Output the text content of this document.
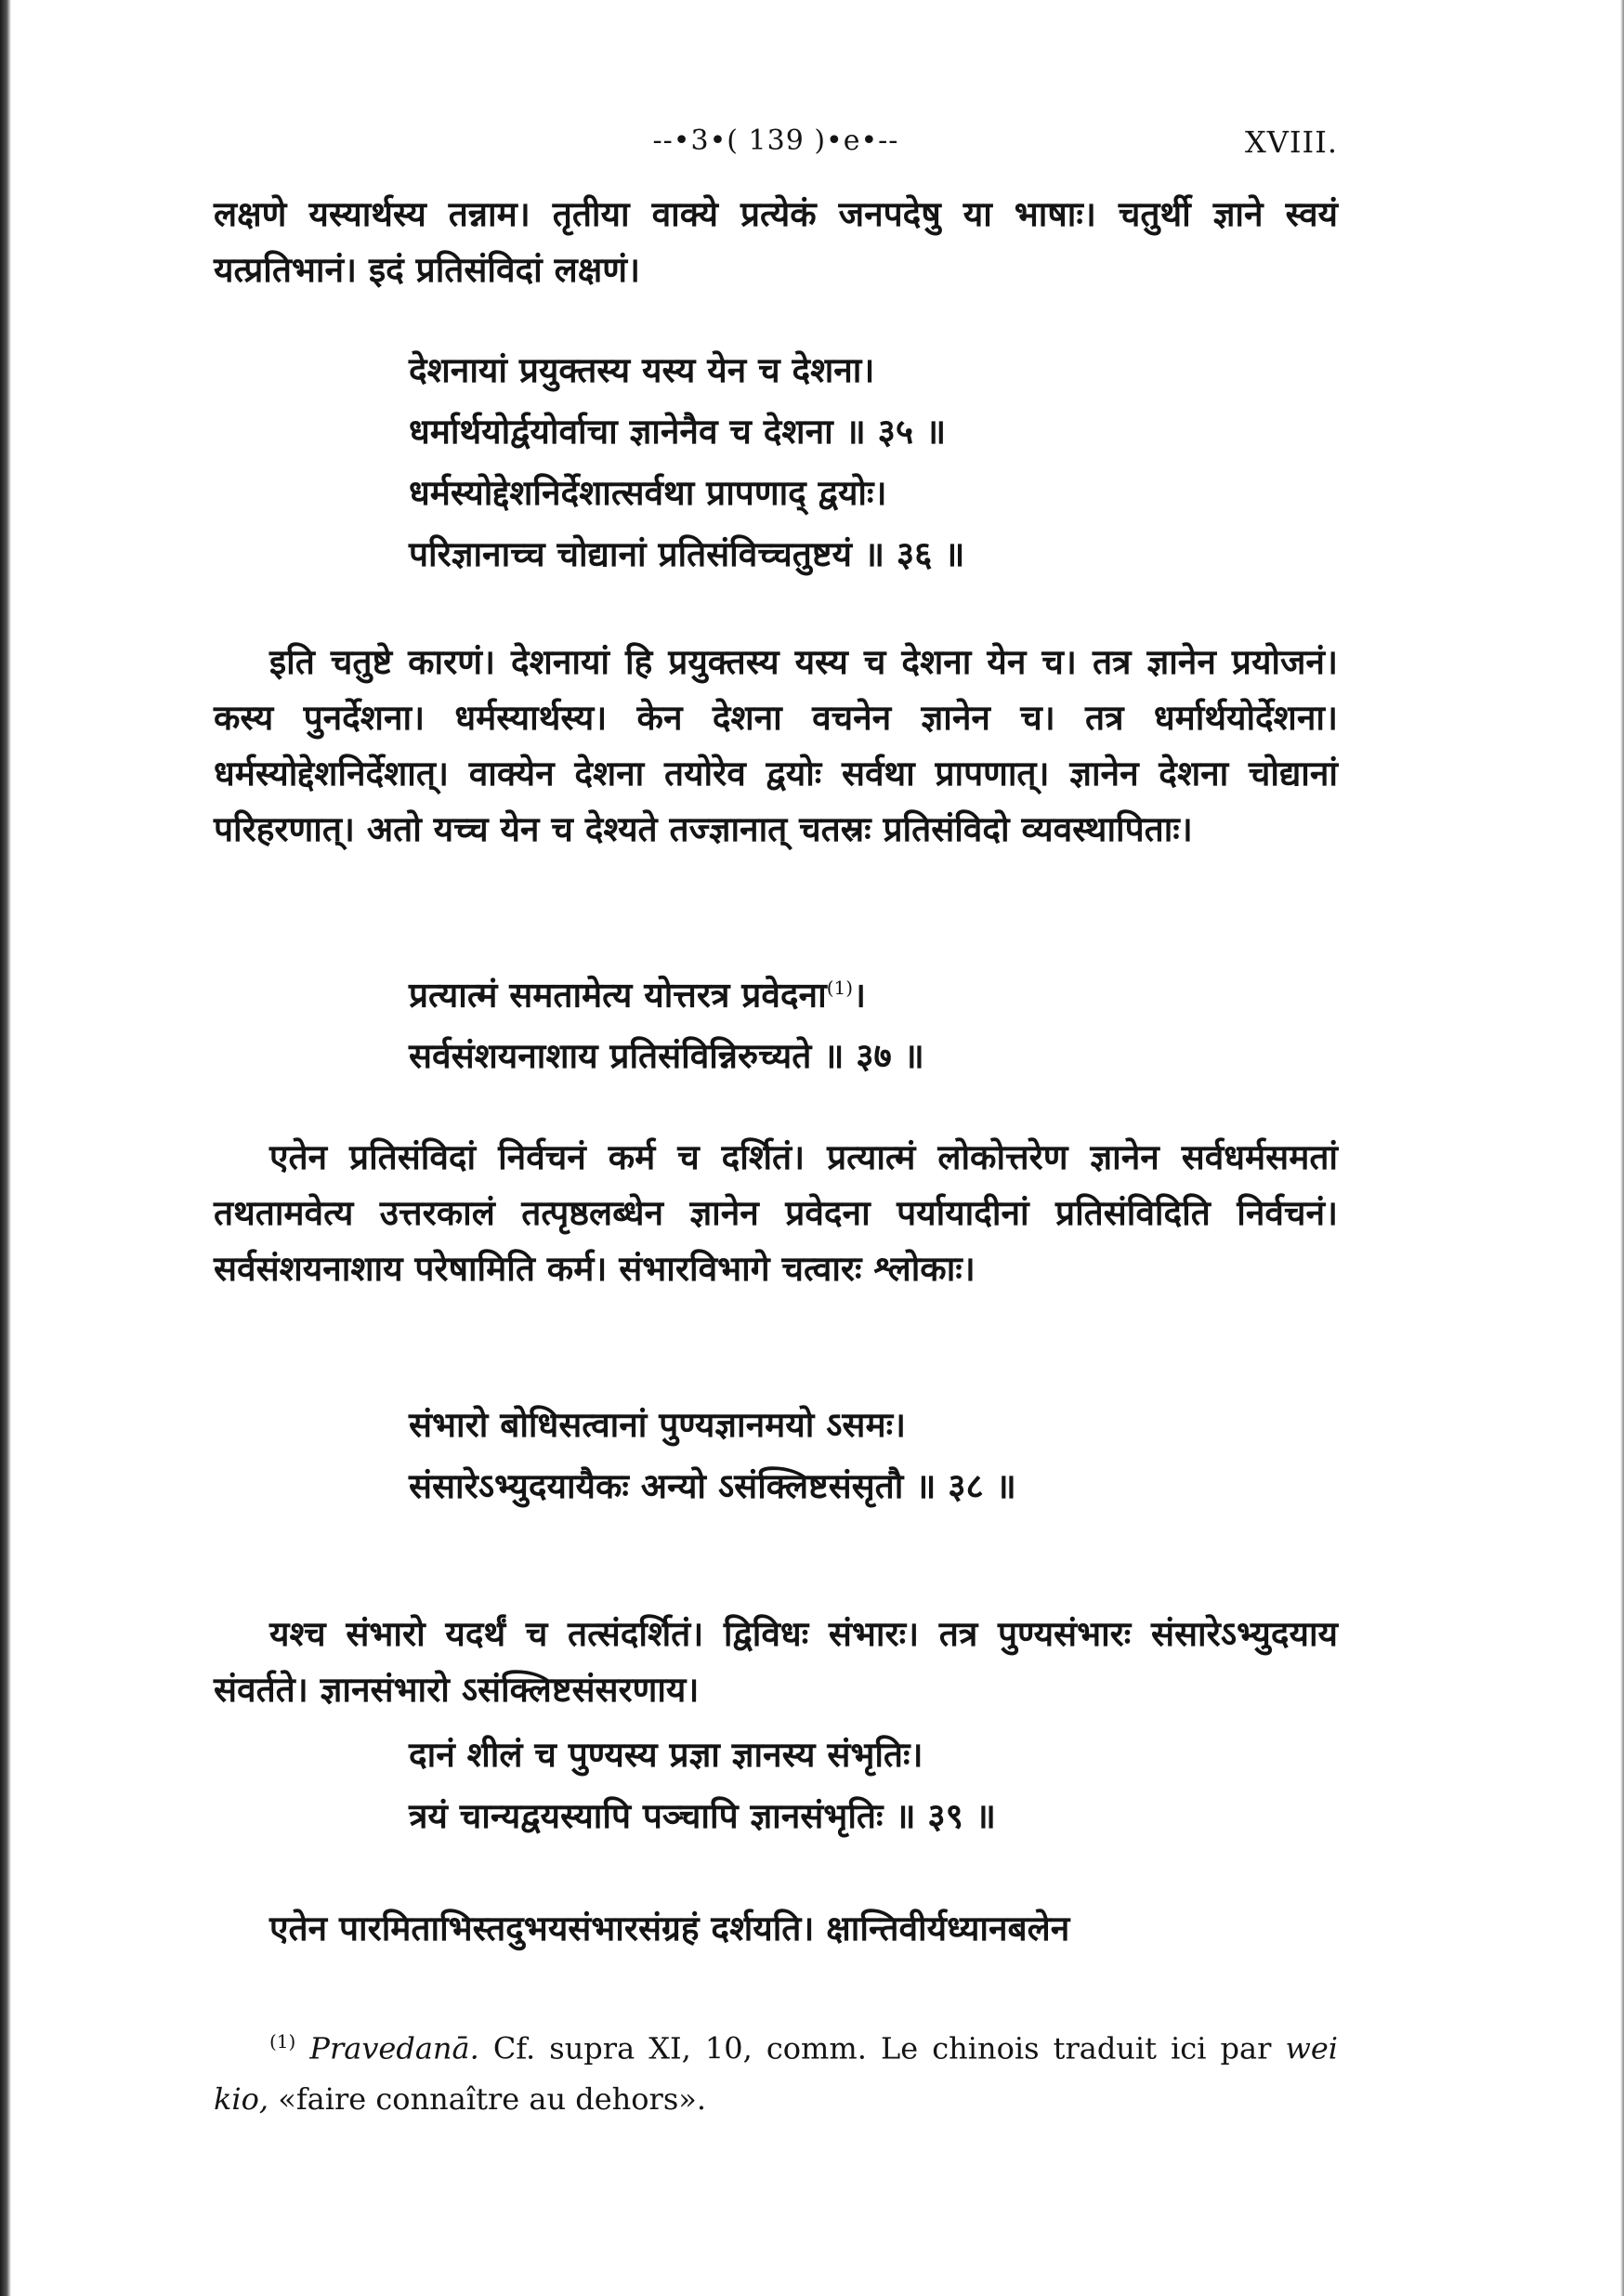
--•3•( 139 )•e•--	XVIII.

लक्षणे यस्यार्थस्य तन्नाम। तृतीया वाक्ये प्रत्येकं जनपदेषु या भाषाः। चतुर्थी ज्ञाने स्वयं यत्प्रतिभानं। इदं प्रतिसंविदां लक्षणं।

देशनायां प्रयुक्तस्य यस्य येन च देशना।
धर्मार्थयोर्द्वयोर्वाचा ज्ञानेनैव च देशना ॥ ३५ ॥
धर्मस्योद्देशनिर्देशात्सर्वथा प्रापणाद् द्वयोः।
परिज्ञानाच्च चोद्यानां प्रतिसंविच्चतुष्टयं ॥ ३६ ॥

इति चतुष्टे कारणं। देशनायां हि प्रयुक्तस्य यस्य च देशना येन च। तत्र ज्ञानेन प्रयोजनं। कस्य पुनर्देशना। धर्मस्यार्थस्य। केन देशना वचनेन ज्ञानेन च। तत्र धर्मार्थयोर्देशना। धर्मस्योद्देशनिर्देशात्। वाक्येन देशना तयोरेव द्वयोः सर्वथा प्रापणात्। ज्ञानेन देशना चोद्यानां परिहरणात्। अतो यच्च येन च देश्यते तज्ज्ञानात् चतस्रः प्रतिसंविदो व्यवस्थापिताः।

प्रत्यात्मं समतामेत्य योत्तरत्र प्रवेदना$^{(1)}$।
सर्वसंशयनाशाय प्रतिसंविन्निरुच्यते ॥ ३७ ॥

एतेन प्रतिसंविदां निर्वचनं कर्म च दर्शितं। प्रत्यात्मं लोकोत्तरेण ज्ञानेन सर्वधर्मसमतां तथतामवेत्य उत्तरकालं तत्पृष्ठलब्धेन ज्ञानेन प्रवेदना पर्यायादीनां प्रतिसंविदिति निर्वचनं। सर्वसंशयनाशाय परेषामिति कर्म। संभारविभागे चत्वारः श्लोकाः।

संभारो बोधिसत्वानां पुण्यज्ञानमयो ऽसमः।
संसारेऽभ्युदयायैकः अन्यो ऽसंक्लिष्टसंसृतौ ॥ ३८ ॥

यश्च संभारो यदर्थं च तत्संदर्शितं। द्विविधः संभारः। तत्र पुण्यसंभारः संसारेऽभ्युदयाय संवर्तते। ज्ञानसंभारो ऽसंक्लिष्टसंसरणाय।

दानं शीलं च पुण्यस्य प्रज्ञा ज्ञानस्य संभृतिः।
त्रयं चान्यद्वयस्यापि पञ्चापि ज्ञानसंभृतिः ॥ ३९ ॥

एतेन पारमिताभिस्तदुभयसंभारसंग्रहं दर्शयति। क्षान्तिवीर्यध्यानबलेन

$^{(1)}$ Pravedanā. Cf. supra XI, 10, comm. Le chinois traduit ici par wei kio, «faire connaître au dehors».
